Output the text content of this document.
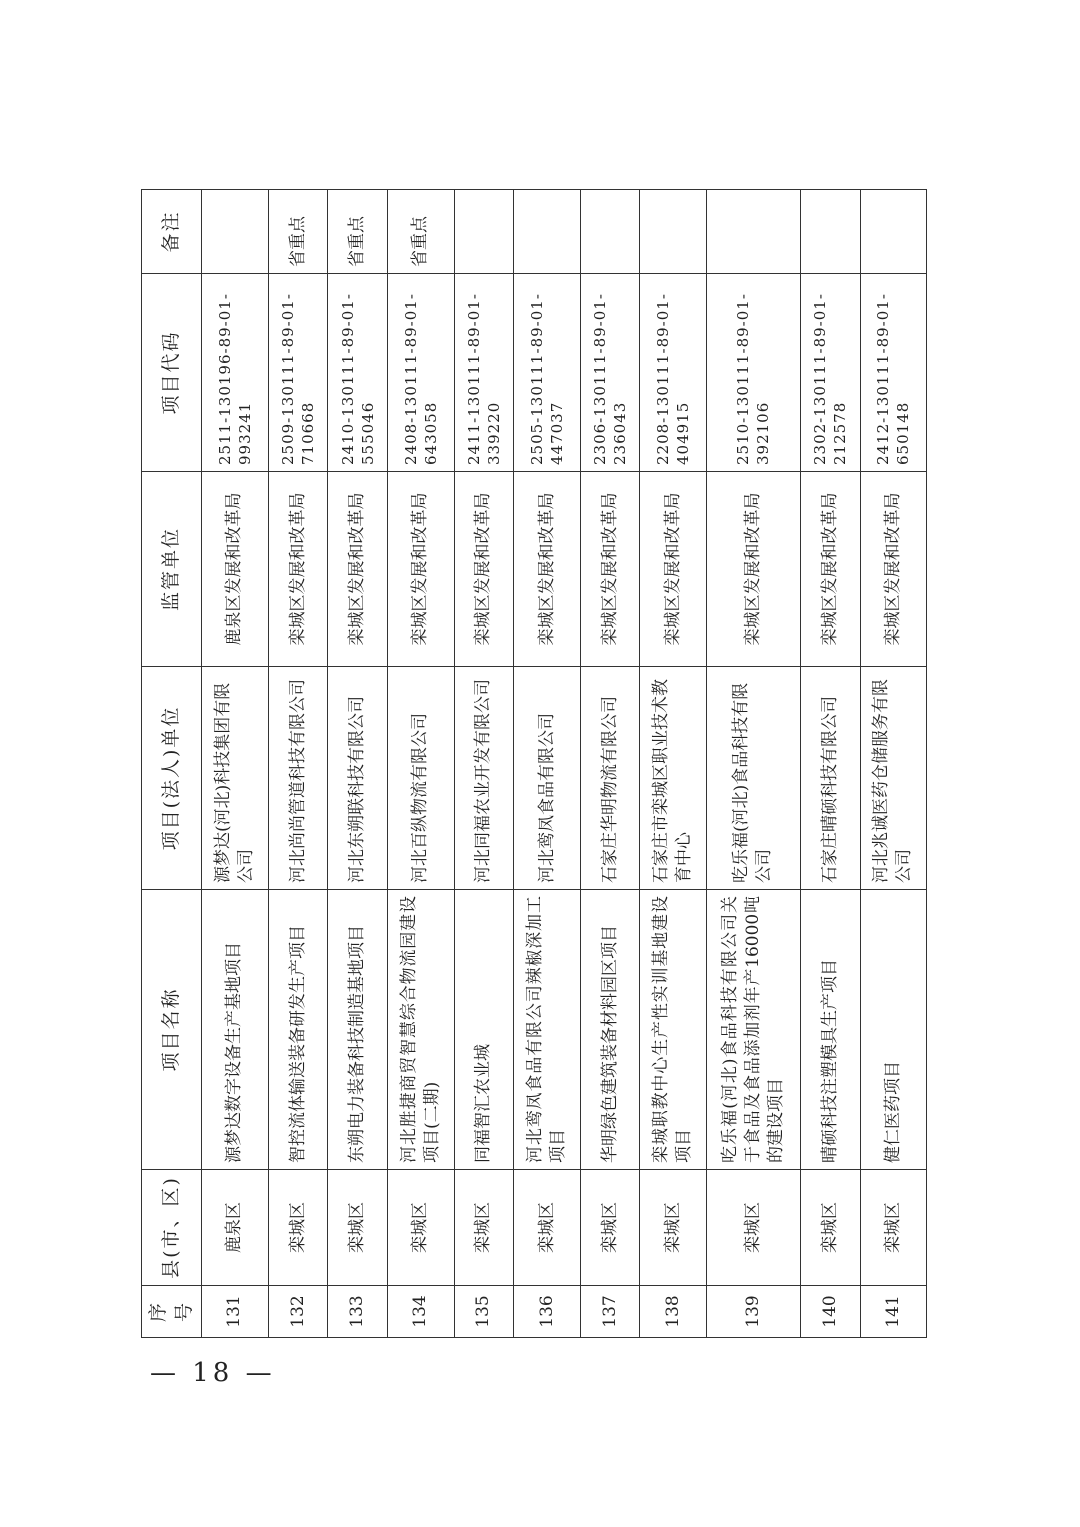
序号	县(市、区)	项目名称	项目(法人)单位	监管单位	项目代码	备注
131	鹿泉区	源梦达数字设备生产基地项目	源梦达(河北)科技集团有限公司	鹿泉区发展和改革局	2511-130196-89-01-993241	
132	栾城区	智控流体输送装备研发生产项目	河北尚尚管道科技有限公司	栾城区发展和改革局	2509-130111-89-01-710668	省重点
133	栾城区	东朔电力装备科技制造基地项目	河北东朔联科技有限公司	栾城区发展和改革局	2410-130111-89-01-555046	省重点
134	栾城区	河北胜捷商贸智慧综合物流园建设项目(二期)	河北百纵物流有限公司	栾城区发展和改革局	2408-130111-89-01-643058	省重点
135	栾城区	同福智汇农业城	河北同福农业开发有限公司	栾城区发展和改革局	2411-130111-89-01-339220	
136	栾城区	河北鸾凤食品有限公司辣椒深加工项目	河北鸾凤食品有限公司	栾城区发展和改革局	2505-130111-89-01-447037	
137	栾城区	华明绿色建筑装备材料园区项目	石家庄华明物流有限公司	栾城区发展和改革局	2306-130111-89-01-236043	
138	栾城区	栾城职教中心生产性实训基地建设项目	石家庄市栾城区职业技术教育中心	栾城区发展和改革局	2208-130111-89-01-404915	
139	栾城区	吃乐福(河北)食品科技有限公司关于食品及食品添加剂年产16000吨的建设项目	吃乐福(河北)食品科技有限公司	栾城区发展和改革局	2510-130111-89-01-392106	
140	栾城区	晴硕科技注塑模具生产项目	石家庄晴硕科技有限公司	栾城区发展和改革局	2302-130111-89-01-212578	
141	栾城区	健仁医药项目	河北兆诚医药仓储服务有限公司	栾城区发展和改革局	2412-130111-89-01-650148	
— 18 —
